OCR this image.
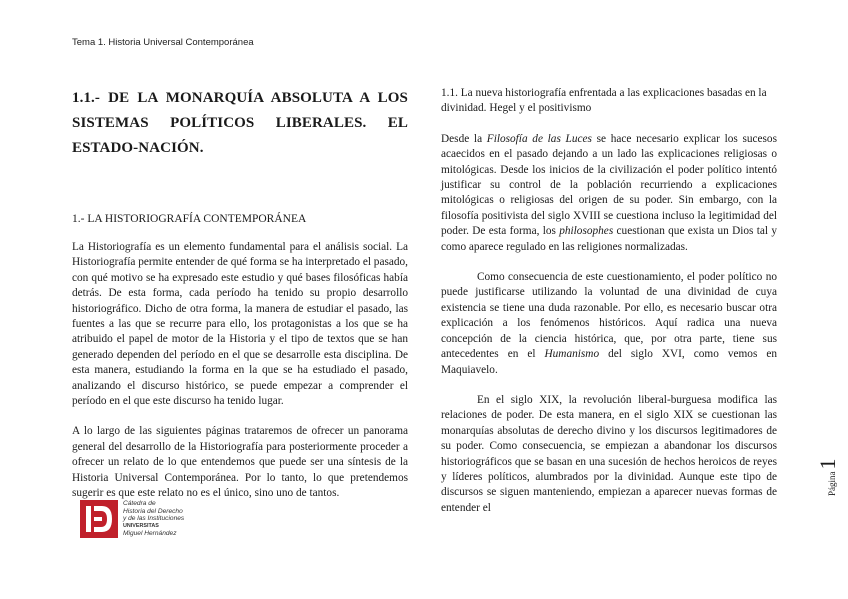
Tema 1. Historia Universal Contemporánea
1.1.- DE LA MONARQUÍA ABSOLUTA A LOS SISTEMAS POLÍTICOS LIBERALES. EL ESTADO-NACIÓN.
1.- LA HISTORIOGRAFÍA CONTEMPORÁNEA

La Historiografía es un elemento fundamental para el análisis social. La Historiografía permite entender de qué forma se ha interpretado el pasado, con qué motivo se ha expresado este estudio y qué bases filosóficas había detrás. De esta forma, cada período ha tenido su propio desarrollo historiográfico. Dicho de otra forma, la manera de estudiar el pasado, las fuentes a las que se recurre para ello, los protagonistas a los que se ha atribuido el papel de motor de la Historia y el tipo de textos que se han generado dependen del período en el que se desarrolle esta disciplina. De esta manera, estudiando la forma en la que se ha estudiado el pasado, analizando el discurso histórico, se puede empezar a comprender el período en el que este discurso ha tenido lugar.

A lo largo de las siguientes páginas trataremos de ofrecer un panorama general del desarrollo de la Historiografía para posteriormente proceder a ofrecer un relato de lo que entendemos que puede ser una síntesis de la Historia Universal Contemporánea. Por lo tanto, lo que pretendemos sugerir es que este relato no es el único, sino uno de tantos.

1.1. La nueva historiografía enfrentada a las explicaciones basadas en la divinidad. Hegel y el positivismo

Desde la Filosofía de las Luces se hace necesario explicar los sucesos acaecidos en el pasado dejando a un lado las explicaciones religiosas o mitológicas. Desde los inicios de la civilización el poder político intentó justificar su control de la población recurriendo a explicaciones mitológicas o religiosas del origen de su poder. Sin embargo, con la filosofía positivista del siglo XVIII se cuestiona incluso la legitimidad del poder. De esta forma, los philosophes cuestionan que exista un Dios tal y como aparece regulado en las religiones normalizadas.

Como consecuencia de este cuestionamiento, el poder político no puede justificarse utilizando la voluntad de una divinidad de cuya existencia se tiene una duda razonable. Por ello, es necesario buscar otra explicación a los fenómenos históricos. Aquí radica una nueva concepción de la ciencia histórica, que, por otra parte, tiene sus antecedentes en el Humanismo del siglo XVI, como vemos en Maquiavelo.

En el siglo XIX, la revolución liberal-burguesa modifica las relaciones de poder. De esta manera, en el siglo XIX se cuestionan las monarquías absolutas de derecho divino y los discursos legitimadores de su poder. Como consecuencia, se empiezan a abandonar los discursos historiográficos que se basan en una sucesión de hechos heroicos de reyes y líderes políticos, alumbrados por la divinidad. Aunque este tipo de discursos se siguen manteniendo, empiezan a aparecer nuevas formas de entender el

Cátedra de
Historia del Derecho
y de las Instituciones
UNIVERSITAS
Miguel Hernández
Página1
